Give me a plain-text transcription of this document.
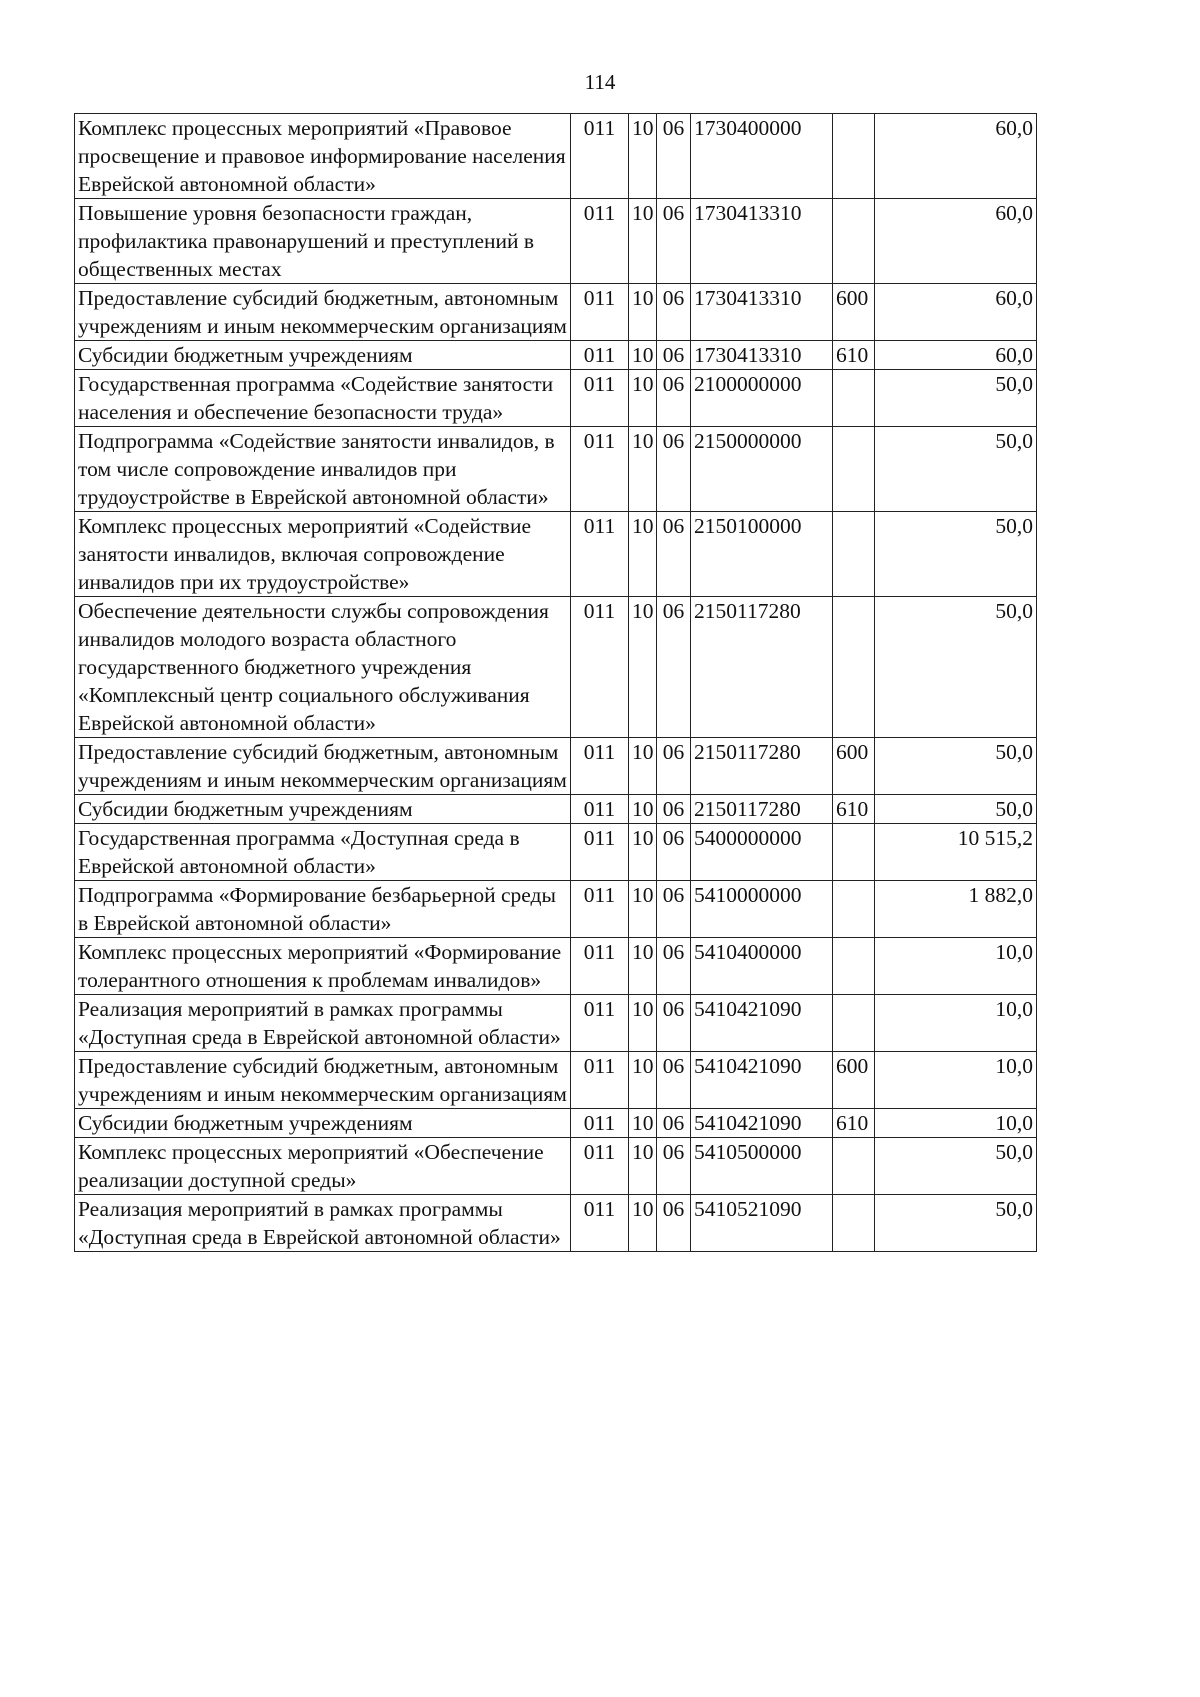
114
Комплекс процессных мероприятий «Правовое просвещение и правовое информирование населения Еврейской автономной области»	011	10	06	1730400000		60,0
Повышение уровня безопасности граждан, профилактика правонарушений и преступлений в общественных местах	011	10	06	1730413310		60,0
Предоставление субсидий бюджетным, автономным учреждениям и иным некоммерческим организациям	011	10	06	1730413310	600	60,0
Субсидии бюджетным учреждениям	011	10	06	1730413310	610	60,0
Государственная программа «Содействие занятости населения и обеспечение безопасности труда»	011	10	06	2100000000		50,0
Подпрограмма «Содействие занятости инвалидов, в том числе сопровождение инвалидов при трудоустройстве в Еврейской автономной области»	011	10	06	2150000000		50,0
Комплекс процессных мероприятий «Содействие занятости инвалидов, включая сопровождение инвалидов при их трудоустройстве»	011	10	06	2150100000		50,0
Обеспечение деятельности службы сопровождения инвалидов молодого возраста областного государственного бюджетного учреждения «Комплексный центр социального обслуживания Еврейской автономной области»	011	10	06	2150117280		50,0
Предоставление субсидий бюджетным, автономным учреждениям и иным некоммерческим организациям	011	10	06	2150117280	600	50,0
Субсидии бюджетным учреждениям	011	10	06	2150117280	610	50,0
Государственная программа «Доступная среда в Еврейской автономной области»	011	10	06	5400000000		10 515,2
Подпрограмма «Формирование безбарьерной среды в Еврейской автономной области»	011	10	06	5410000000		1 882,0
Комплекс процессных мероприятий «Формирование толерантного отношения к проблемам инвалидов»	011	10	06	5410400000		10,0
Реализация мероприятий в рамках программы «Доступная среда в Еврейской автономной области»	011	10	06	5410421090		10,0
Предоставление субсидий бюджетным, автономным учреждениям и иным некоммерческим организациям	011	10	06	5410421090	600	10,0
Субсидии бюджетным учреждениям	011	10	06	5410421090	610	10,0
Комплекс процессных мероприятий «Обеспечение реализации доступной среды»	011	10	06	5410500000		50,0
Реализация мероприятий в рамках программы «Доступная среда в Еврейской автономной области»	011	10	06	5410521090		50,0
